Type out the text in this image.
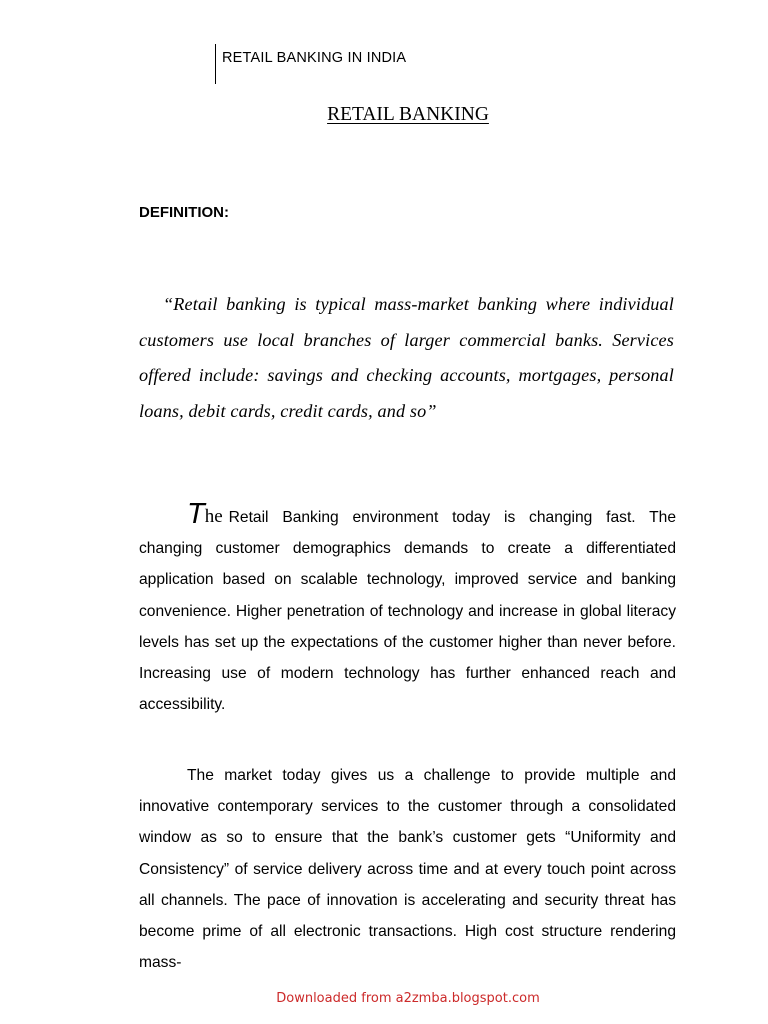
RETAIL BANKING IN INDIA
RETAIL BANKING
DEFINITION:

“Retail banking is typical mass-market banking where individual customers use local branches of larger commercial banks. Services offered include: savings and checking accounts, mortgages, personal loans, debit cards, credit cards, and so”

The Retail Banking environment today is changing fast. The changing customer demographics demands to create a differentiated application based on scalable technology, improved service and banking convenience. Higher penetration of technology and increase in global literacy levels has set up the expectations of the customer higher than never before. Increasing use of modern technology has further enhanced reach and accessibility.

The market today gives us a challenge to provide multiple and innovative contemporary services to the customer through a consolidated window as so to ensure that the bank’s customer gets “Uniformity and Consistency” of service delivery across time and at every touch point across all channels. The pace of innovation is accelerating and security threat has become prime of all electronic transactions. High cost structure rendering mass-

Downloaded from a2zmba.blogspot.com
